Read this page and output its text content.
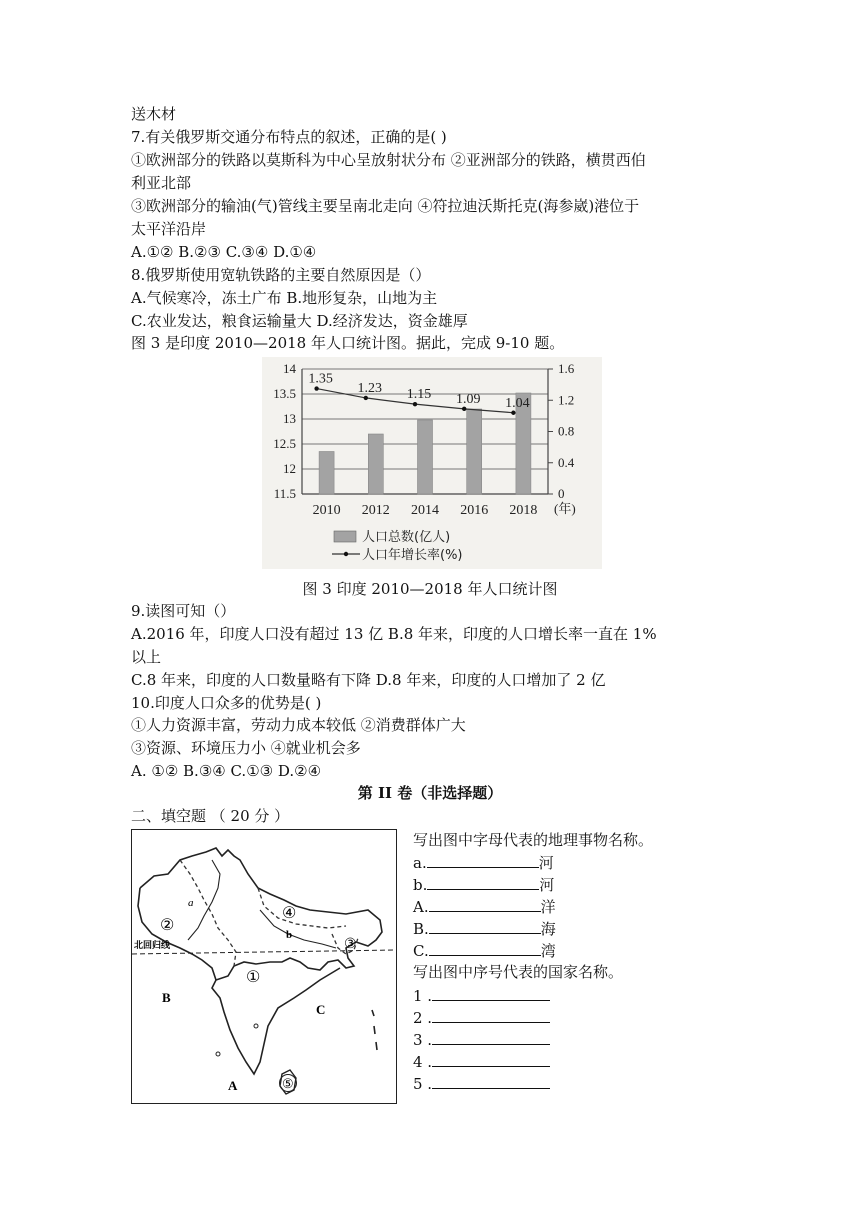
送木材
7.有关俄罗斯交通分布特点的叙述，正确的是( )
①欧洲部分的铁路以莫斯科为中心呈放射状分布 ②亚洲部分的铁路，横贯西伯
利亚北部
③欧洲部分的输油(气)管线主要呈南北走向 ④符拉迪沃斯托克(海参崴)港位于
太平洋沿岸
A.①② B.②③ C.③④ D.①④
8.俄罗斯使用宽轨铁路的主要自然原因是（）
A.气候寒冷，冻土广布 B.地形复杂，山地为主
C.农业发达，粮食运输量大 D.经济发达，资金雄厚
图 3 是印度 2010—2018 年人口统计图。据此，完成 9-10 题。
11.5
12
12.5
13
13.5
14
0
0.4
0.8
1.2
1.6
1.35
1.23 1.15 1.09 1.04
2010 2012 2014 2016 2018 (年)
人口总数(亿人)
人口年增长率(%)
图 3 印度 2010—2018 年人口统计图
9.读图可知（）
A.2016 年，印度人口没有超过 13 亿 B.8 年来，印度的人口增长率一直在 1%
以上
C.8 年来，印度的人口数量略有下降 D.8 年来，印度的人口增加了 2 亿
10.印度人口众多的优势是( )
①人力资源丰富，劳动力成本较低 ②消费群体广大
③资源、环境压力小 ④就业机会多
A. ①② B.③④ C.①③ D.②④
第 II 卷（非选择题）
二、填空题 （ 20 分 ）
a
b
②
④
③
①
⑤
北回归线
B
C
A
写出图中字母代表的地理事物名称。
a.	河
b.	河
A.	洋
B.	海
C.	湾
写出图中序号代表的国家名称。
1 .
2 .
3 .
4 .
5 .
